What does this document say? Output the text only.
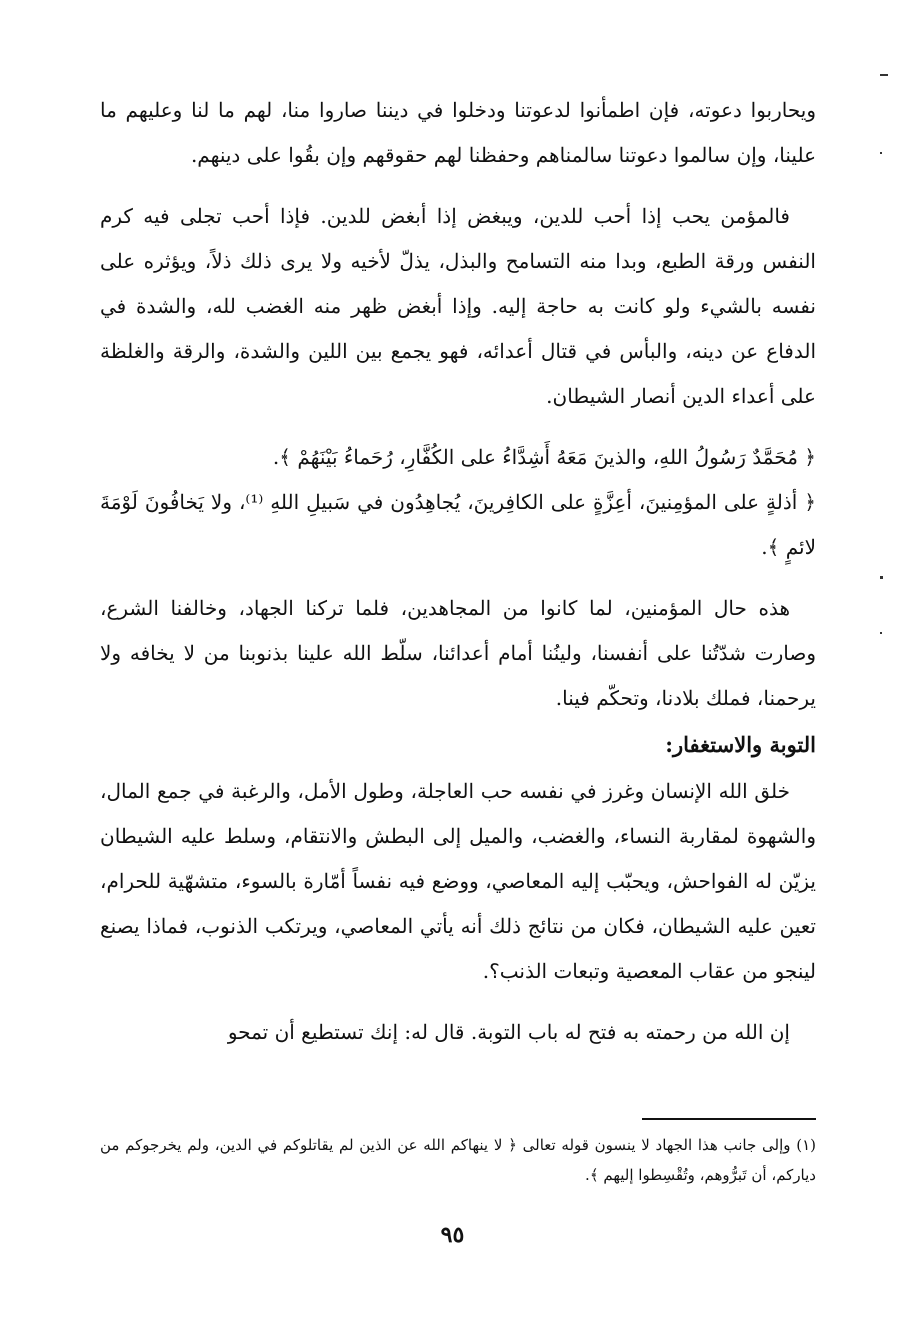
ويحاربوا دعوته، فإن اطمأنوا لدعوتنا ودخلوا في ديننا صاروا منا، لهم ما لنا وعليهم ما علينا، وإن سالموا دعوتنا سالمناهم وحفظنا لهم حقوقهم وإن بقُوا على دينهم.

فالمؤمن يحب إذا أحب للدين، ويبغض إذا أبغض للدين. فإذا أحب تجلى فيه كرم النفس ورقة الطبع، وبدا منه التسامح والبذل، يذلّ لأخيه ولا يرى ذلك ذلاً، ويؤثره على نفسه بالشيء ولو كانت به حاجة إليه. وإذا أبغض ظهر منه الغضب لله، والشدة في الدفاع عن دينه، والبأس في قتال أعدائه، فهو يجمع بين اللين والشدة، والرقة والغلظة على أعداء الدين أنصار الشيطان.

﴿ مُحَمَّدٌ رَسُولُ اللهِ، والذينَ مَعَهُ أَشِدَّاءُ على الكُفَّارِ، رُحَماءُ بَيْنَهُمْ ﴾.

﴿ أذلةٍ على المؤمِنينَ، أعِزَّةٍ على الكافِرينَ، يُجاهِدُون في سَبيلِ اللهِ ⁽¹⁾، ولا يَخافُونَ لَوْمَةَ لائمٍ ﴾.

هذه حال المؤمنين، لما كانوا من المجاهدين، فلما تركنا الجهاد، وخالفنا الشرع، وصارت شدّتُنا على أنفسنا، ولينُنا أمام أعدائنا، سلّط الله علينا بذنوبنا من لا يخافه ولا يرحمنا، فملك بلادنا، وتحكّم فينا.

التوبة والاستغفار:

خلق الله الإنسان وغرز في نفسه حب العاجلة، وطول الأمل، والرغبة في جمع المال، والشهوة لمقاربة النساء، والغضب، والميل إلى البطش والانتقام، وسلط عليه الشيطان يزيّن له الفواحش، ويحبّب إليه المعاصي، ووضع فيه نفساً أمّارة بالسوء، متشهّية للحرام، تعين عليه الشيطان، فكان من نتائج ذلك أنه يأتي المعاصي، ويرتكب الذنوب، فماذا يصنع لينجو من عقاب المعصية وتبعات الذنب؟.

إن الله من رحمته به فتح له باب التوبة. قال له: إنك تستطيع أن تمحو

(١) وإلى جانب هذا الجهاد لا ينسون قوله تعالى ﴿ لا ينهاكم الله عن الذين لم يقاتلوكم في الدين، ولم يخرجوكم من دياركم، أن تَبرُّوهم، وتُقْسِطوا إليهم ﴾.
٩٥
